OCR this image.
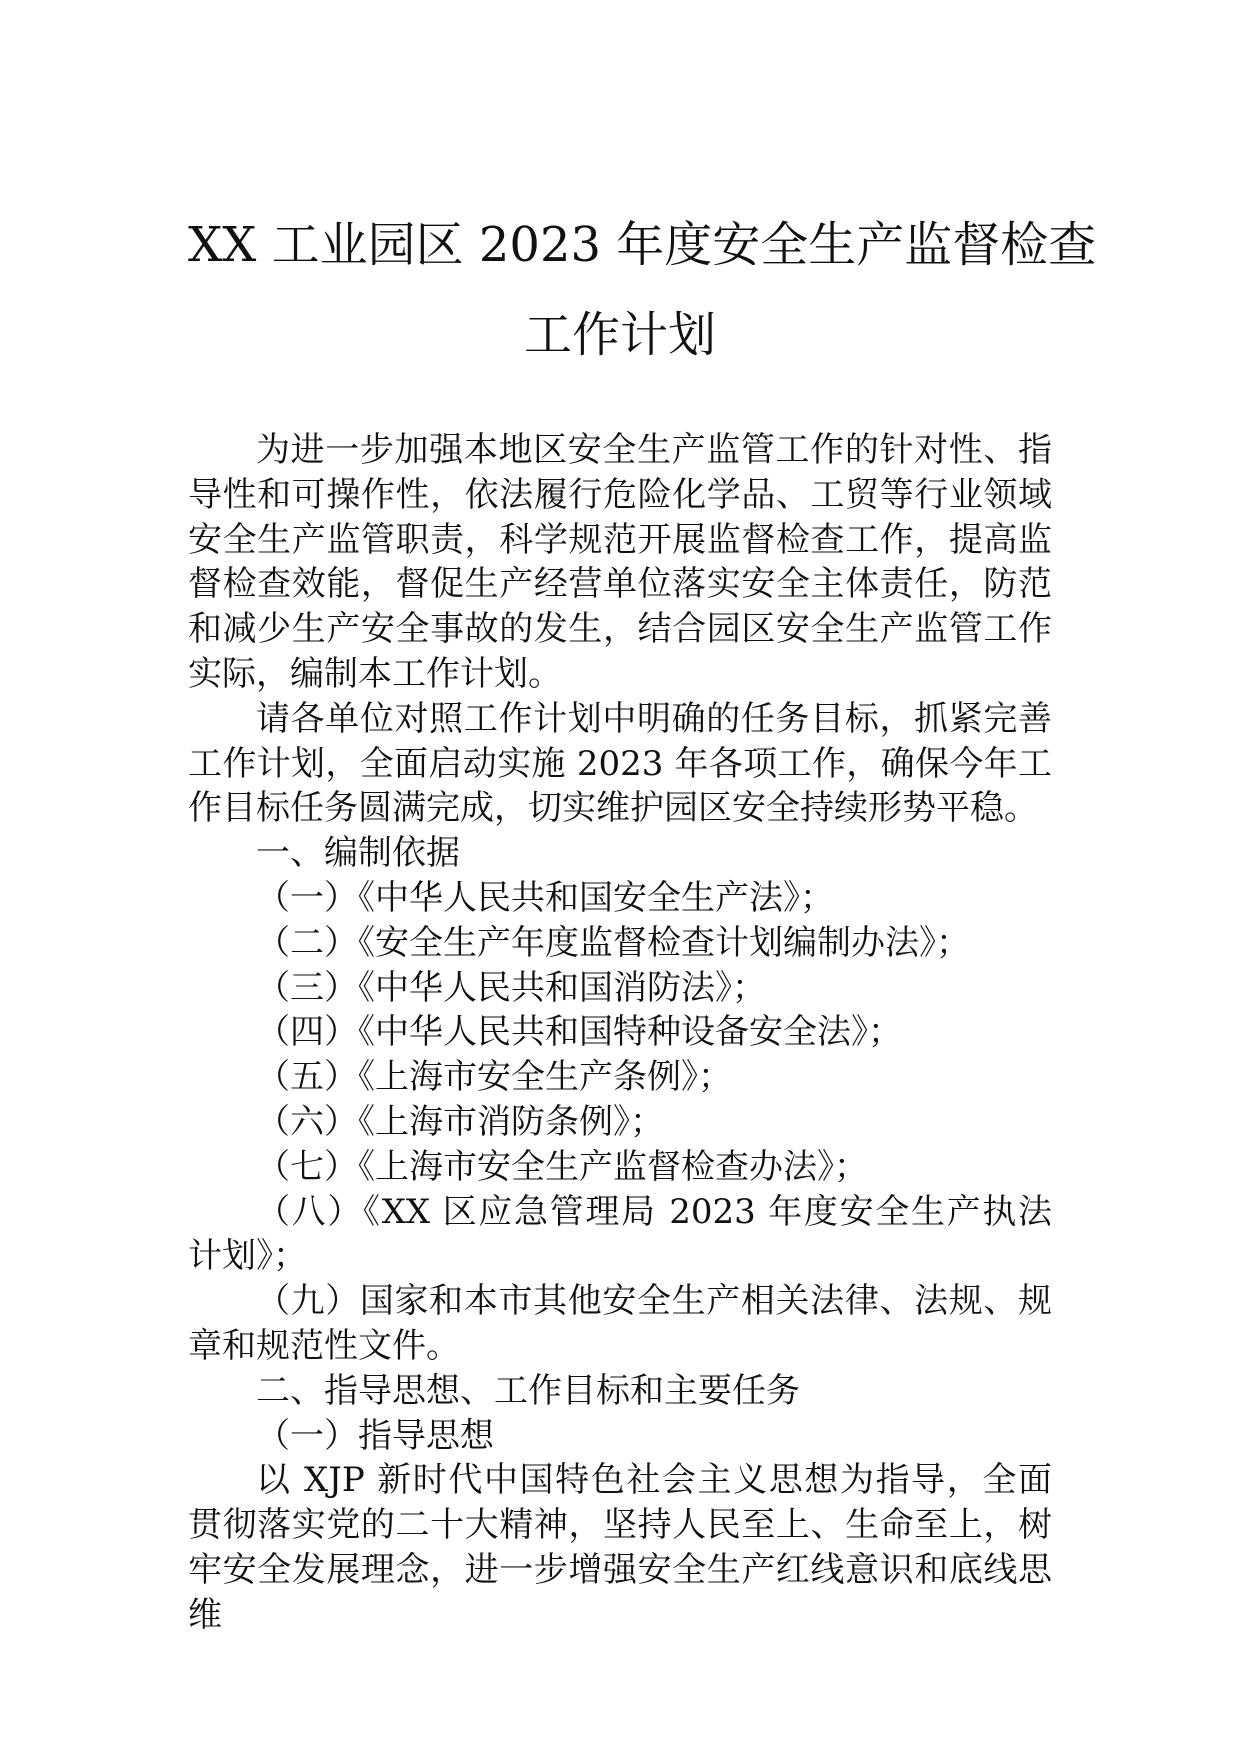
XX 工业园区 2023 年度安全生产监督检查
工作计划

为进一步加强本地区安全生产监管工作的针对性、指导性和可操作性，依法履行危险化学品、工贸等行业领域安全生产监管职责，科学规范开展监督检查工作，提高监督检查效能，督促生产经营单位落实安全主体责任，防范和减少生产安全事故的发生，结合园区安全生产监管工作实际，编制本工作计划。

请各单位对照工作计划中明确的任务目标，抓紧完善工作计划，全面启动实施 2023 年各项工作，确保今年工作目标任务圆满完成，切实维护园区安全持续形势平稳。

一、编制依据

（一）《中华人民共和国安全生产法》；

（二）《安全生产年度监督检查计划编制办法》；

（三）《中华人民共和国消防法》；

（四）《中华人民共和国特种设备安全法》；

（五）《上海市安全生产条例》；

（六）《上海市消防条例》；

（七）《上海市安全生产监督检查办法》；

（八）《XX 区应急管理局 2023 年度安全生产执法计划》；

（九）国家和本市其他安全生产相关法律、法规、规章和规范性文件。

二、指导思想、工作目标和主要任务

（一）指导思想

以 XJP 新时代中国特色社会主义思想为指导，全面贯彻落实党的二十大精神，坚持人民至上、生命至上，树牢安全发展理念，进一步增强安全生产红线意识和底线思维
